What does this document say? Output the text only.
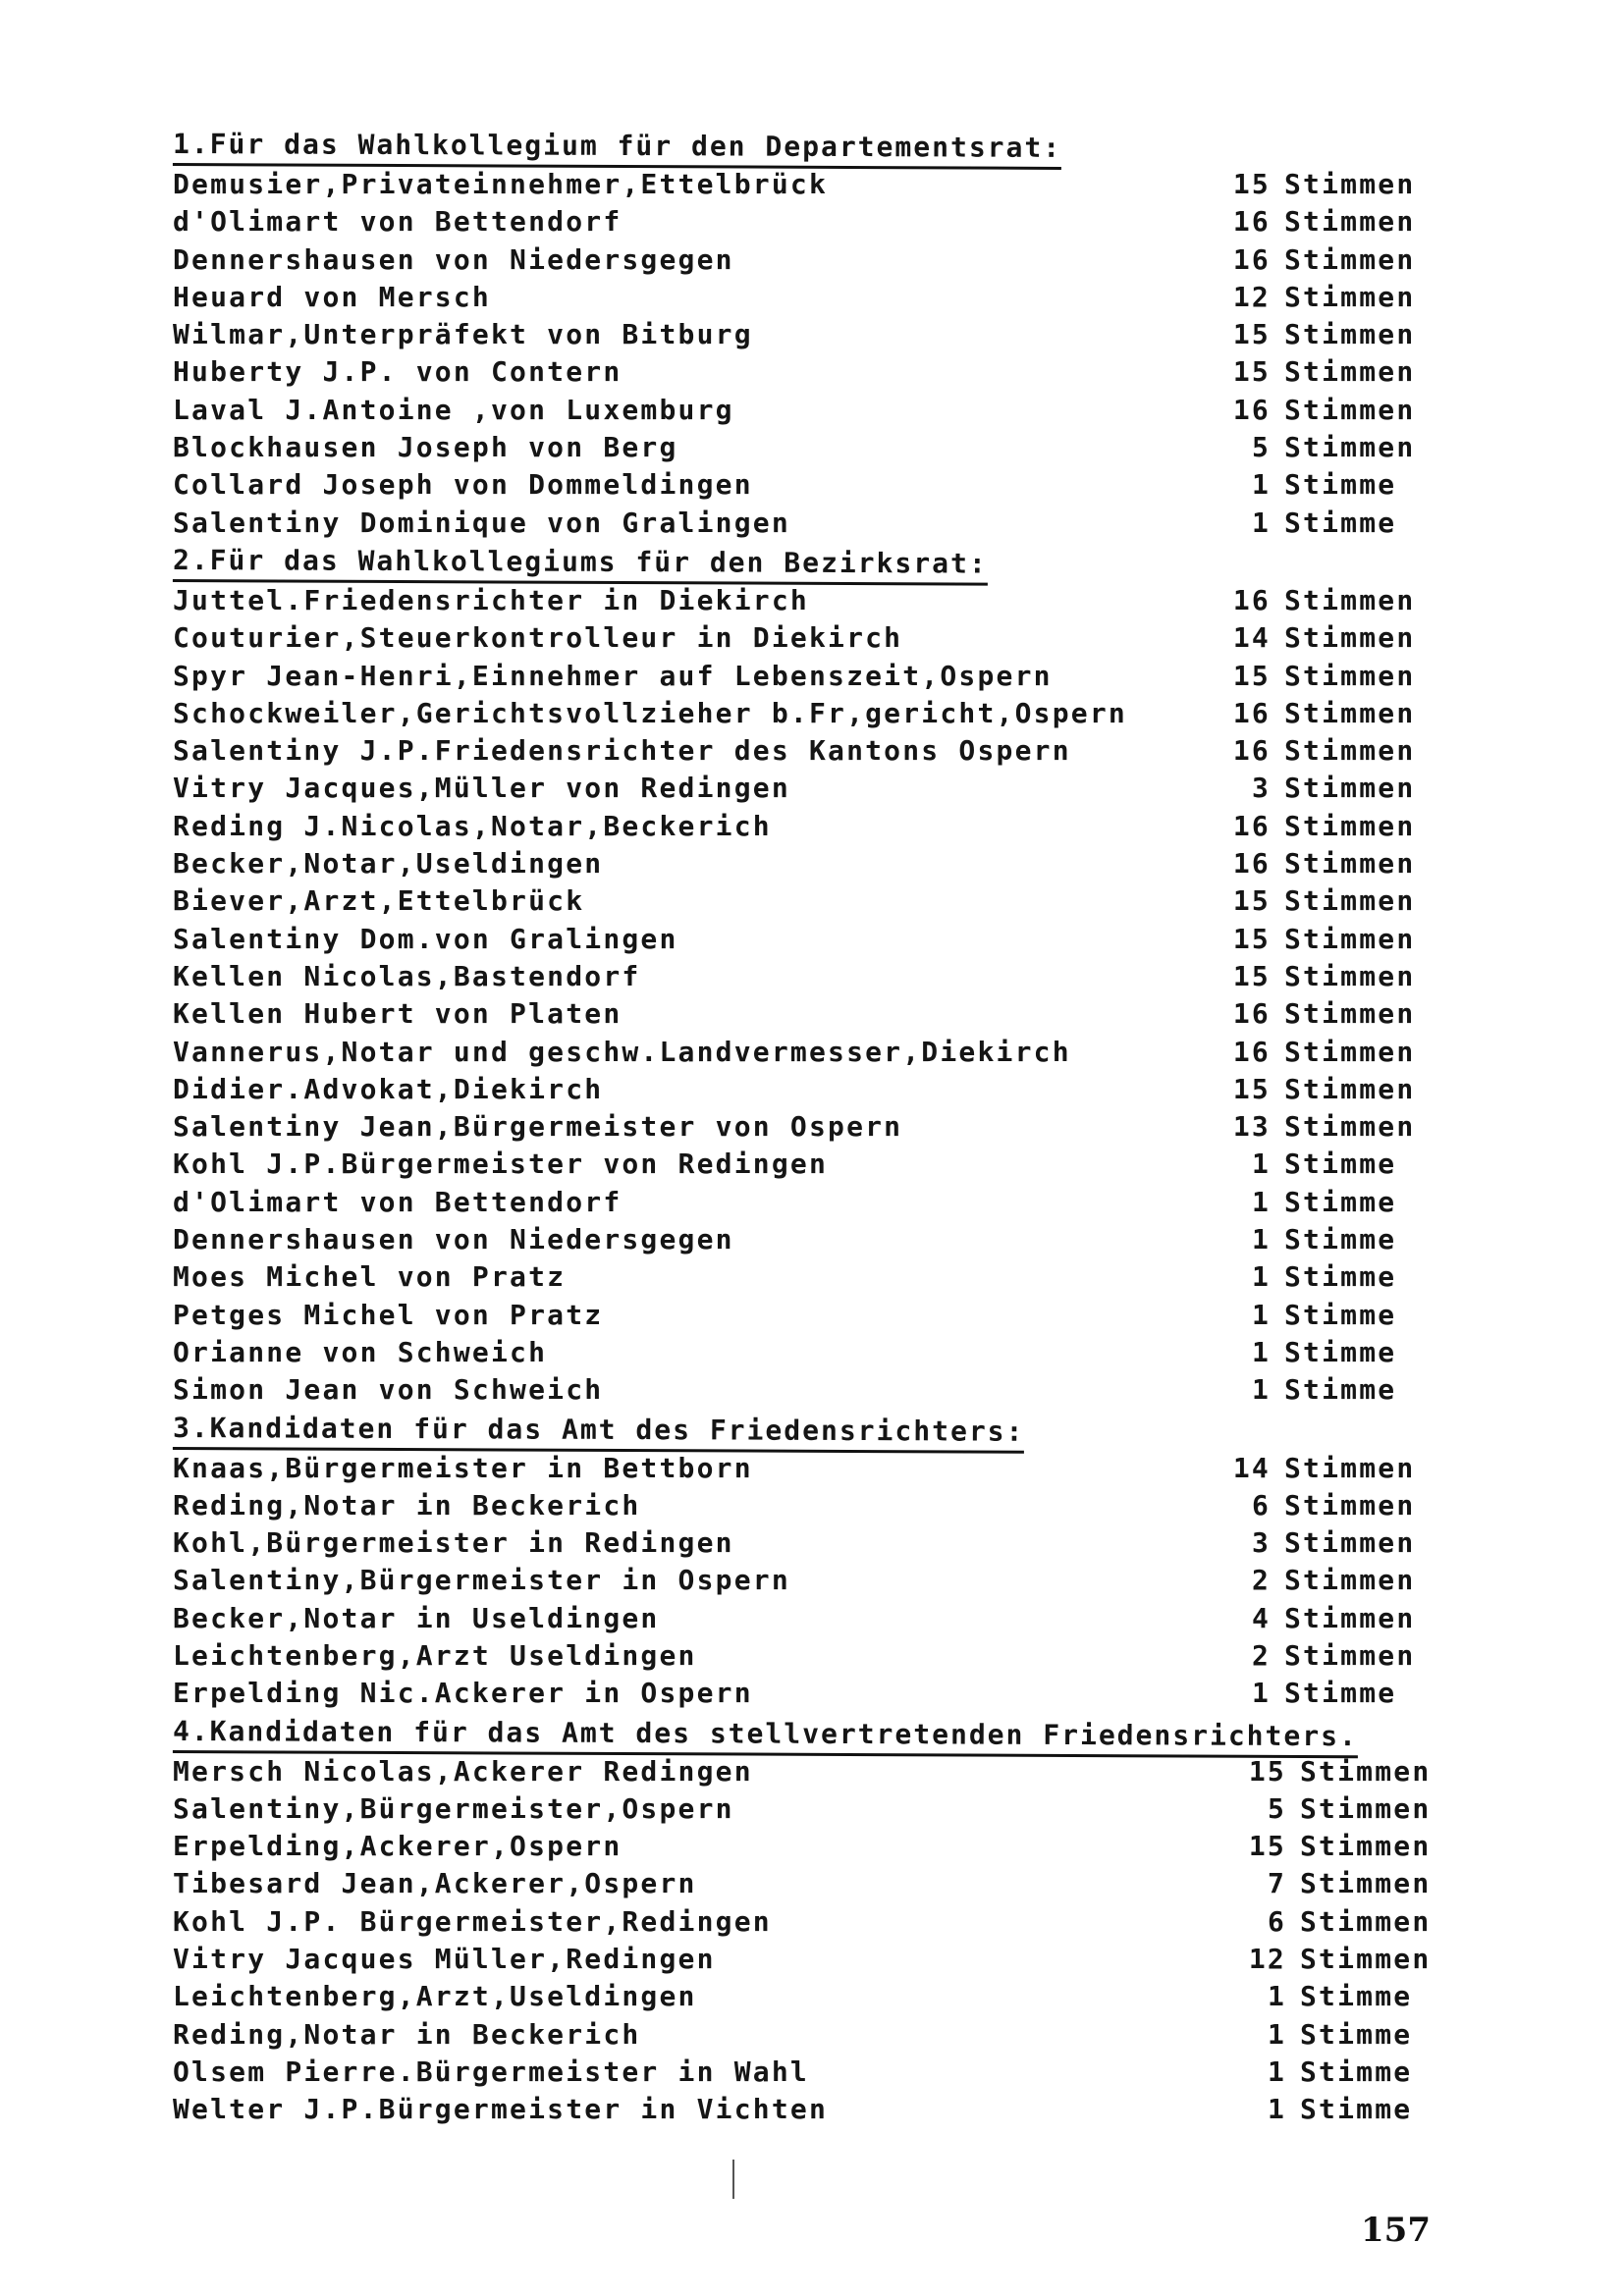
1.Für das Wahlkollegium für den Departementsrat:
Demusier,Privateinnehmer,Ettelbrück	15 Stimmen
d'Olimart von Bettendorf	16 Stimmen
Dennershausen von Niedersgegen	16 Stimmen
Heuard von Mersch	12 Stimmen
Wilmar,Unterpräfekt von Bitburg	15 Stimmen
Huberty J.P. von Contern	15 Stimmen
Laval J.Antoine ,von Luxemburg	16 Stimmen
Blockhausen Joseph von Berg	5 Stimmen
Collard Joseph von Dommeldingen	1 Stimme
Salentiny Dominique von Gralingen	1 Stimme
2.Für das Wahlkollegiums für den Bezirksrat:
Juttel.Friedensrichter in Diekirch	16 Stimmen
Couturier,Steuerkontrolleur in Diekirch	14 Stimmen
Spyr Jean-Henri,Einnehmer auf Lebenszeit,Ospern	15 Stimmen
Schockweiler,Gerichtsvollzieher b.Fr,gericht,Ospern	16 Stimmen
Salentiny J.P.Friedensrichter des Kantons Ospern	16 Stimmen
Vitry Jacques,Müller von Redingen	3 Stimmen
Reding J.Nicolas,Notar,Beckerich	16 Stimmen
Becker,Notar,Useldingen	16 Stimmen
Biever,Arzt,Ettelbrück	15 Stimmen
Salentiny Dom.von Gralingen	15 Stimmen
Kellen Nicolas,Bastendorf	15 Stimmen
Kellen Hubert von Platen	16 Stimmen
Vannerus,Notar und geschw.Landvermesser,Diekirch	16 Stimmen
Didier.Advokat,Diekirch	15 Stimmen
Salentiny Jean,Bürgermeister von Ospern	13 Stimmen
Kohl J.P.Bürgermeister von Redingen	1 Stimme
d'Olimart von Bettendorf	1 Stimme
Dennershausen von Niedersgegen	1 Stimme
Moes Michel von Pratz	1 Stimme
Petges Michel von Pratz	1 Stimme
Orianne von Schweich	1 Stimme
Simon Jean von Schweich	1 Stimme
3.Kandidaten für das Amt des Friedensrichters:
Knaas,Bürgermeister in Bettborn	14 Stimmen
Reding,Notar in Beckerich	6 Stimmen
Kohl,Bürgermeister in Redingen	3 Stimmen
Salentiny,Bürgermeister in Ospern	2 Stimmen
Becker,Notar in Useldingen	4 Stimmen
Leichtenberg,Arzt Useldingen	2 Stimmen
Erpelding Nic.Ackerer in Ospern	1 Stimme
4.Kandidaten für das Amt des stellvertretenden Friedensrichters.
Mersch Nicolas,Ackerer Redingen	15 Stimmen
Salentiny,Bürgermeister,Ospern	5 Stimmen
Erpelding,Ackerer,Ospern	15 Stimmen
Tibesard Jean,Ackerer,Ospern	7 Stimmen
Kohl J.P. Bürgermeister,Redingen	6 Stimmen
Vitry Jacques Müller,Redingen	12 Stimmen
Leichtenberg,Arzt,Useldingen	1 Stimme
Reding,Notar in Beckerich	1 Stimme
Olsem Pierre.Bürgermeister in Wahl	1 Stimme
Welter J.P.Bürgermeister in Vichten	1 Stimme
157
